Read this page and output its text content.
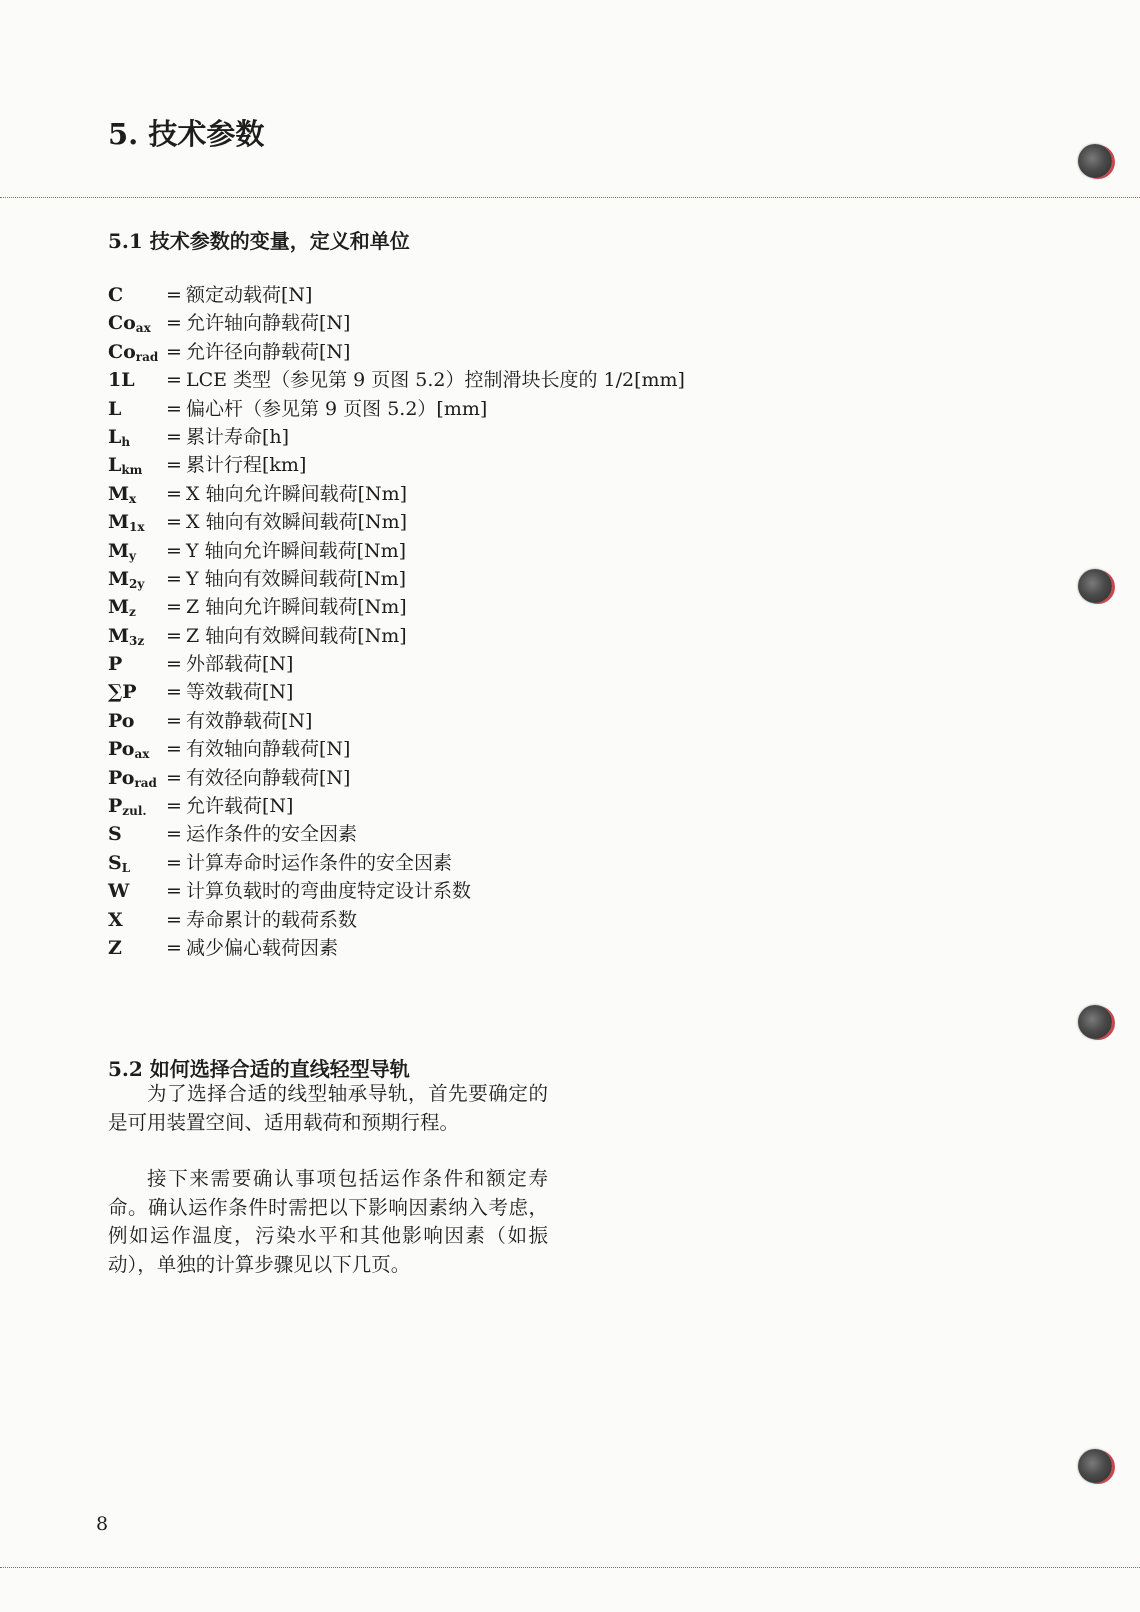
5. 技术参数
5.1 技术参数的变量，定义和单位
C	= 额定动载荷[N]
Coax = 允许轴向静载荷[N]
Corad = 允许径向静载荷[N]
1L	= LCE 类型（参见第 9 页图 5.2）控制滑块长度的 1/2[mm]
L	= 偏心杆（参见第 9 页图 5.2）[mm]
Lh	= 累计寿命[h]
Lkm	= 累计行程[km]
Mx	= X 轴向允许瞬间载荷[Nm]
M1x	= X 轴向有效瞬间载荷[Nm]
My	= Y 轴向允许瞬间载荷[Nm]
M2y	= Y 轴向有效瞬间载荷[Nm]
Mz	= Z 轴向允许瞬间载荷[Nm]
M3z	= Z 轴向有效瞬间载荷[Nm]
P	= 外部载荷[N]
∑P	= 等效载荷[N]
Po	= 有效静载荷[N]
Poax = 有效轴向静载荷[N]
Porad = 有效径向静载荷[N]
Pzul.	= 允许载荷[N]
S	= 运作条件的安全因素
SL	= 计算寿命时运作条件的安全因素
W	= 计算负载时的弯曲度特定设计系数
X	= 寿命累计的载荷系数
Z	= 减少偏心载荷因素
5.2 如何选择合适的直线轻型导轨

为了选择合适的线型轴承导轨，首先要确定的是可用装置空间、适用载荷和预期行程。

接下来需要确认事项包括运作条件和额定寿命。确认运作条件时需把以下影响因素纳入考虑，例如运作温度，污染水平和其他影响因素（如振动），单独的计算步骤见以下几页。

8
